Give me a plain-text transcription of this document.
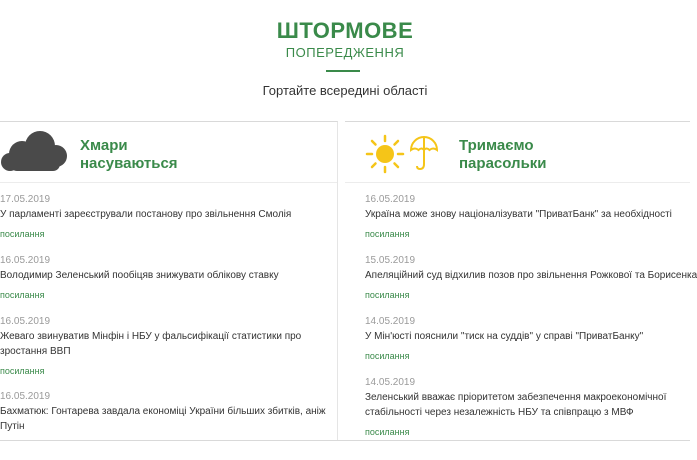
ШТОРМОВЕ
ПОПЕРЕДЖЕННЯ
Гортайте всередині області
Хмари
насуваються
17.05.2019
У парламенті зареєстрували постанову про звільнення Смолія
посилання
16.05.2019
Володимир Зеленський пообіцяв знижувати облікову ставку
посилання
16.05.2019
Жеваго звинуватив Мінфін і НБУ у фальсифікації статистики про зростання ВВП
посилання
16.05.2019
Бахматюк: Гонтарева завдала економіці України більших збитків, аніж Путін
Тримаємо
парасольки
16.05.2019
Україна може знову націоналізувати "ПриватБанк" за необхідності
посилання
15.05.2019
Апеляційний суд відхилив позов про звільнення Рожкової та Борисенка
посилання
14.05.2019
У Мін'юсті пояснили "тиск на суддів" у справі "ПриватБанку"
посилання
14.05.2019
Зеленський вважає пріоритетом забезпечення макроекономічної стабільності через незалежність НБУ та співпрацю з МВФ
посилання
